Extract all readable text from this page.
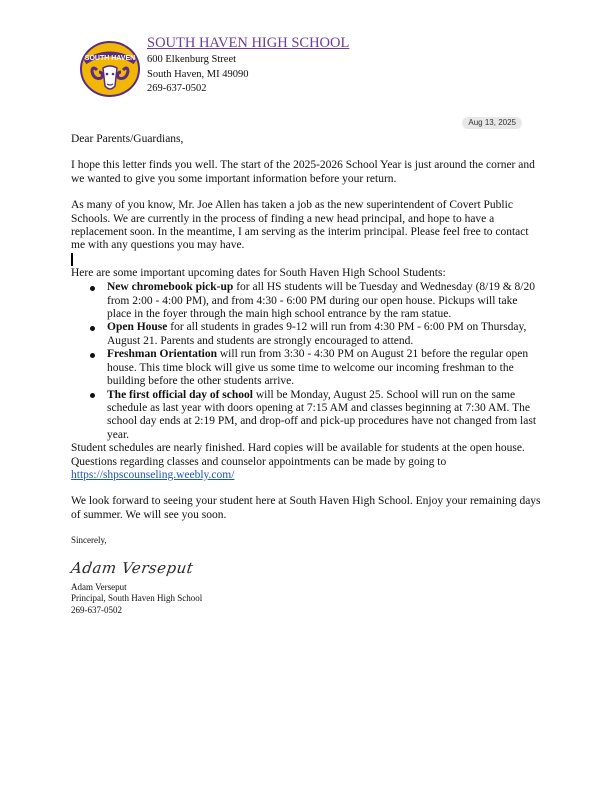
SOUTH HAVEN
SOUTH HAVEN HIGH SCHOOL
600 Elkenburg Street
South Haven, MI 49090
269-637-0502
Aug 13, 2025

Dear Parents/Guardians,

I hope this letter finds you well. The start of the 2025-2026 School Year is just around the corner and we wanted to give you some important information before your return.

As many of you know, Mr. Joe Allen has taken a job as the new superintendent of Covert Public Schools. We are currently in the process of finding a new head principal, and hope to have a replacement soon. In the meantime, I am serving as the interim principal. Please feel free to contact me with any questions you may have.

Here are some important upcoming dates for South Haven High School Students:

New chromebook pick-up for all HS students will be Tuesday and Wednesday (8/19 & 8/20 from 2:00 - 4:00 PM), and from 4:30 - 6:00 PM during our open house. Pickups will take place in the foyer through the main high school entrance by the ram statue.
Open House for all students in grades 9-12 will run from 4:30 PM - 6:00 PM on Thursday, August 21. Parents and students are strongly encouraged to attend.
Freshman Orientation will run from 3:30 - 4:30 PM on August 21 before the regular open house. This time block will give us some time to welcome our incoming freshman to the building before the other students arrive.
The first official day of school will be Monday, August 25. School will run on the same schedule as last year with doors opening at 7:15 AM and classes beginning at 7:30 AM. The school day ends at 2:19 PM, and drop-off and pick-up procedures have not changed from last year.

Student schedules are nearly finished. Hard copies will be available for students at the open house. Questions regarding classes and counselor appointments can be made by going to https://shpscounseling.weebly.com/

We look forward to seeing your student here at South Haven High School. Enjoy your remaining days of summer. We will see you soon.

Sincerely,

Adam Verseput
Adam Verseput
Principal, South Haven High School
269-637-0502
